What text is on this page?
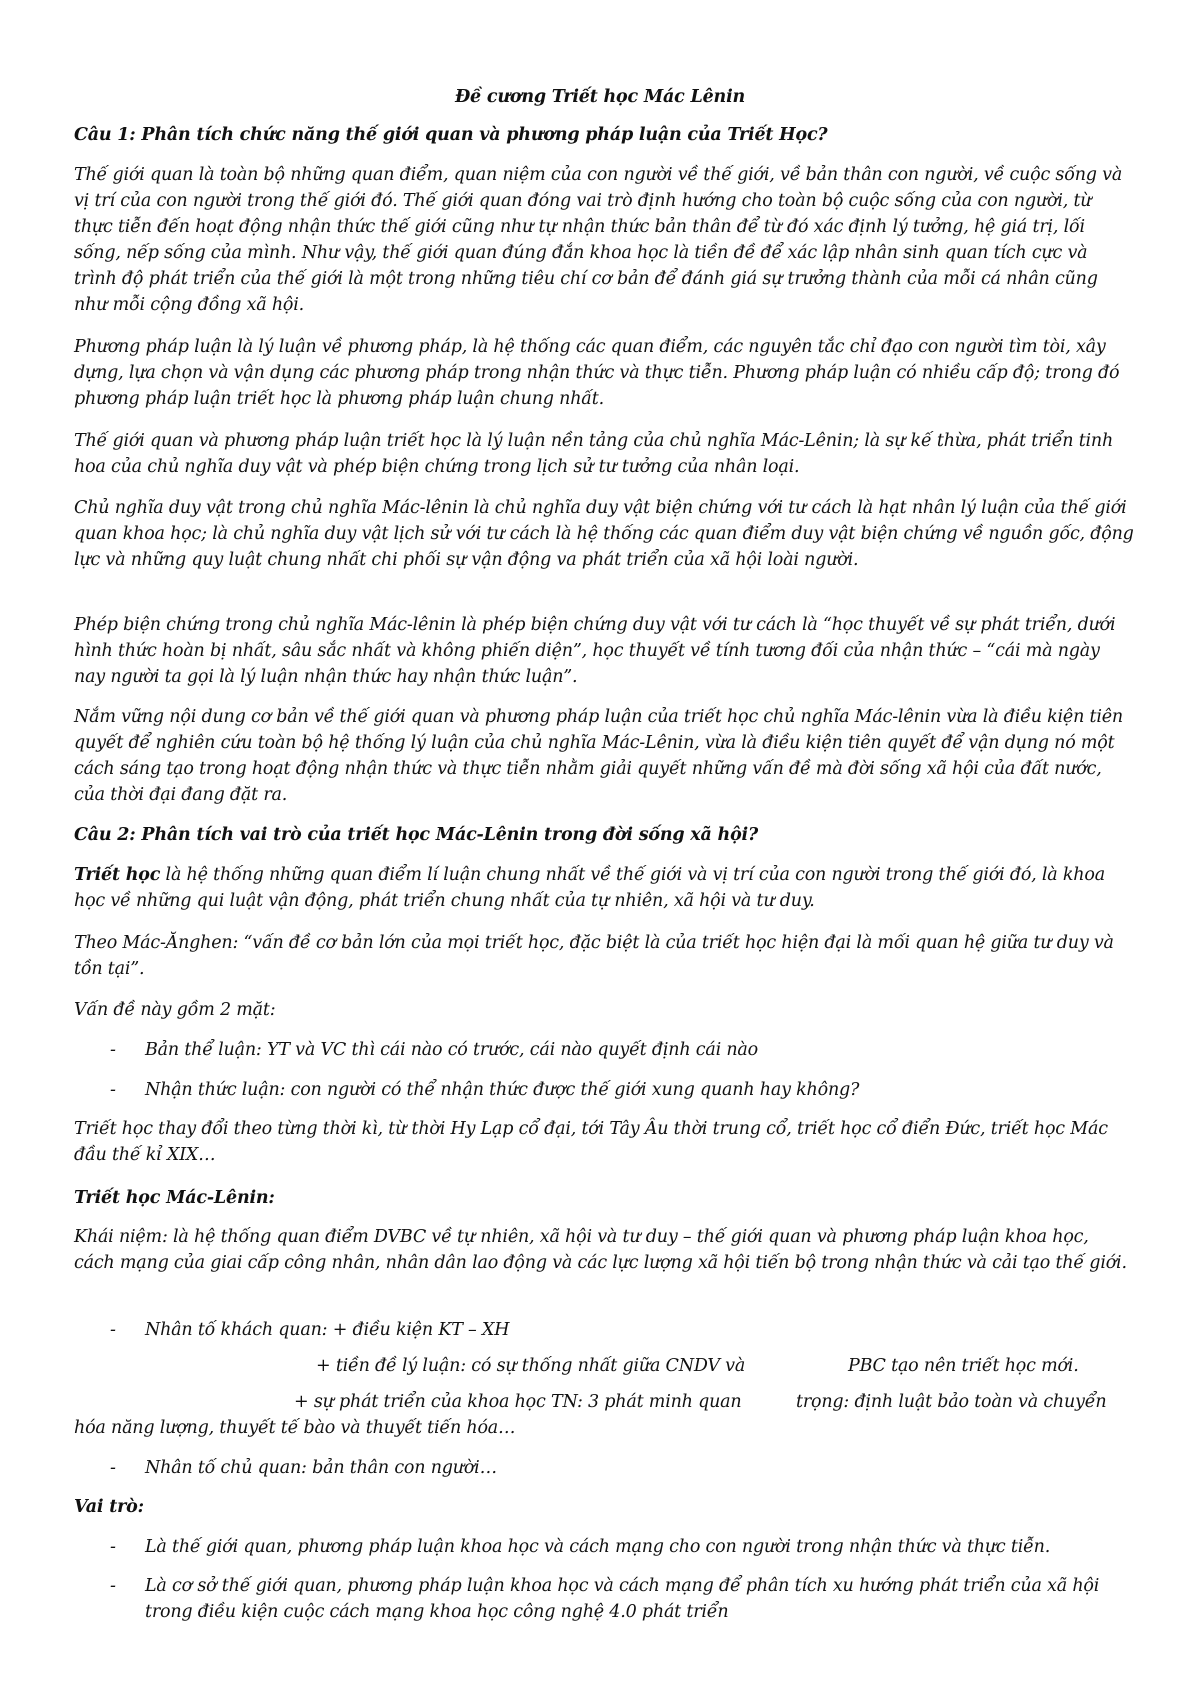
Đề cương Triết học Mác Lênin

Câu 1: Phân tích chức năng thế giới quan và phương pháp luận của Triết Học?

Thế giới quan là toàn bộ những quan điểm, quan niệm của con người về thế giới, về bản thân con người, về cuộc sống và vị trí của con người trong thế giới đó. Thế giới quan đóng vai trò định hướng cho toàn bộ cuộc sống của con người, từ thực tiễn đến hoạt động nhận thức thế giới cũng như tự nhận thức bản thân để từ đó xác định lý tưởng, hệ giá trị, lối sống, nếp sống của mình. Như vậy, thế giới quan đúng đắn khoa học là tiền đề để xác lập nhân sinh quan tích cực và trình độ phát triển của thế giới là một trong những tiêu chí cơ bản để đánh giá sự trưởng thành của mỗi cá nhân cũng như mỗi cộng đồng xã hội.

Phương pháp luận là lý luận về phương pháp, là hệ thống các quan điểm, các nguyên tắc chỉ đạo con người tìm tòi, xây dựng, lựa chọn và vận dụng các phương pháp trong nhận thức và thực tiễn. Phương pháp luận có nhiều cấp độ; trong đó phương pháp luận triết học là phương pháp luận chung nhất.

Thế giới quan và phương pháp luận triết học là lý luận nền tảng của chủ nghĩa Mác-Lênin; là sự kế thừa, phát triển tinh hoa của chủ nghĩa duy vật và phép biện chứng trong lịch sử tư tưởng của nhân loại.

Chủ nghĩa duy vật trong chủ nghĩa Mác-lênin là chủ nghĩa duy vật biện chứng với tư cách là hạt nhân lý luận của thế giới quan khoa học; là chủ nghĩa duy vật lịch sử với tư cách là hệ thống các quan điểm duy vật biện chứng về nguồn gốc, động lực và những quy luật chung nhất chi phối sự vận động va phát triển của xã hội loài người.

Phép biện chứng trong chủ nghĩa Mác-lênin là phép biện chứng duy vật với tư cách là “học thuyết về sự phát triển, dưới hình thức hoàn bị nhất, sâu sắc nhất và không phiến diện”, học thuyết về tính tương đối của nhận thức – “cái mà ngày nay người ta gọi là lý luận nhận thức hay nhận thức luận”.

Nắm vững nội dung cơ bản về thế giới quan và phương pháp luận của triết học chủ nghĩa Mác-lênin vừa là điều kiện tiên quyết để nghiên cứu toàn bộ hệ thống lý luận của chủ nghĩa Mác-Lênin, vừa là điều kiện tiên quyết để vận dụng nó một cách sáng tạo trong hoạt động nhận thức và thực tiễn nhằm giải quyết những vấn đề mà đời sống xã hội của đất nước, của thời đại đang đặt ra.

Câu 2: Phân tích vai trò của triết học Mác-Lênin trong đời sống xã hội?

Triết học là hệ thống những quan điểm lí luận chung nhất về thế giới và vị trí của con người trong thế giới đó, là khoa học về những qui luật vận động, phát triển chung nhất của tự nhiên, xã hội và tư duy.

Theo Mác-Ănghen: “vấn đề cơ bản lớn của mọi triết học, đặc biệt là của triết học hiện đại là mối quan hệ giữa tư duy và tồn tại”.

Vấn đề này gồm 2 mặt:

- Bản thể luận: YT và VC thì cái nào có trước, cái nào quyết định cái nào

- Nhận thức luận: con người có thể nhận thức được thế giới xung quanh hay không?

Triết học thay đổi theo từng thời kì, từ thời Hy Lạp cổ đại, tới Tây Âu thời trung cổ, triết học cổ điển Đức, triết học Mác đầu thế kỉ XIX…

Triết học Mác-Lênin:

Khái niệm: là hệ thống quan điểm DVBC về tự nhiên, xã hội và tư duy – thế giới quan và phương pháp luận khoa học, cách mạng của giai cấp công nhân, nhân dân lao động và các lực lượng xã hội tiến bộ trong nhận thức và cải tạo thế giới.

- Nhân tố khách quan: + điều kiện KT – XH

+ tiền đề lý luận: có sự thống nhất giữa CNDV và	PBC tạo nên triết học mới.

+ sự phát triển của khoa học TN: 3 phát minh quan	trọng: định luật bảo toàn và chuyển

hóa năng lượng, thuyết tế bào và thuyết tiến hóa…

- Nhân tố chủ quan: bản thân con người…

Vai trò:

- Là thế giới quan, phương pháp luận khoa học và cách mạng cho con người trong nhận thức và thực tiễn.

- Là cơ sở thế giới quan, phương pháp luận khoa học và cách mạng để phân tích xu hướng phát triển của xã hội trong điều kiện cuộc cách mạng khoa học công nghệ 4.0 phát triển
